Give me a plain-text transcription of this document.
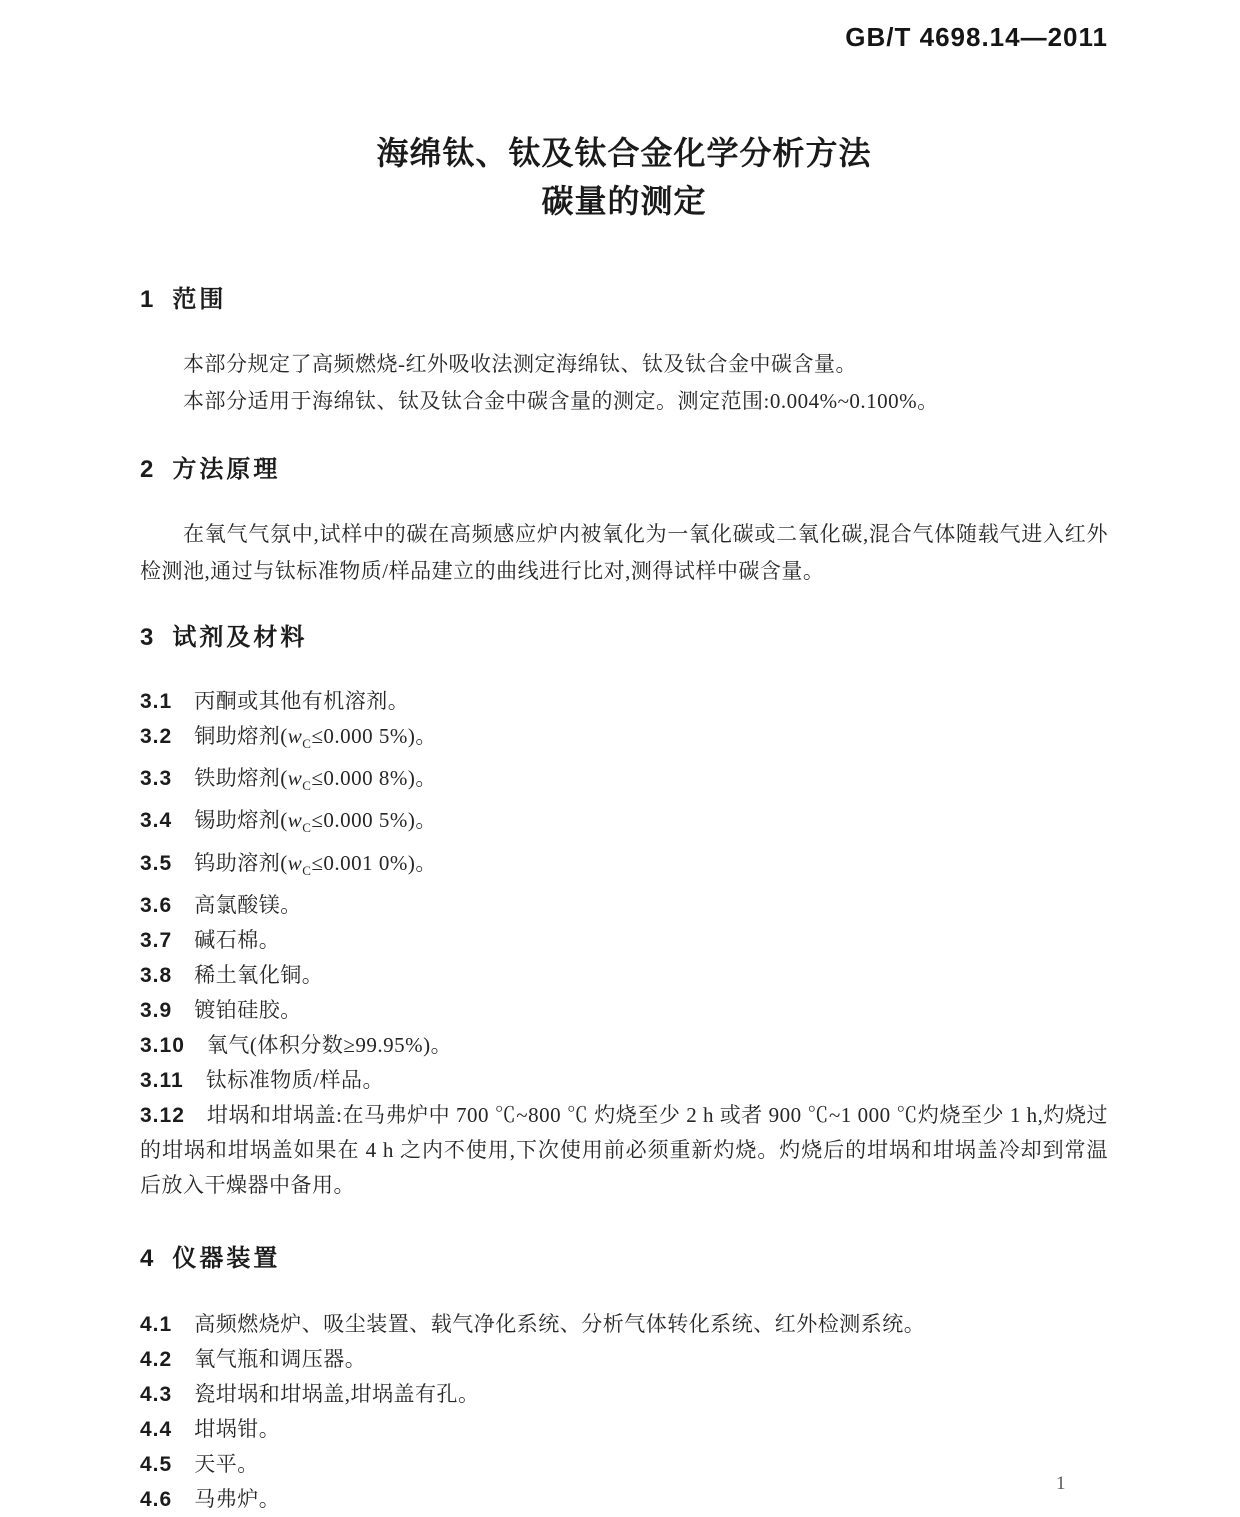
GB/T 4698.14—2011
海绵钛、钛及钛合金化学分析方法
碳量的测定
1 范围

本部分规定了高频燃烧-红外吸收法测定海绵钛、钛及钛合金中碳含量。

本部分适用于海绵钛、钛及钛合金中碳含量的测定。测定范围:0.004%~0.100%。

2 方法原理

在氧气气氛中,试样中的碳在高频感应炉内被氧化为一氧化碳或二氧化碳,混合气体随载气进入红外检测池,通过与钛标准物质/样品建立的曲线进行比对,测得试样中碳含量。

3 试剂及材料

3.1 丙酮或其他有机溶剂。

3.2 铜助熔剂($w_C\le 0.000$ 5%)。

3.3 铁助熔剂($w_C\le 0.000$ 8%)。

3.4 锡助熔剂($w_C\le 0.000$ 5%)。

3.5 钨助溶剂($w_C\le 0.001$ 0%)。

3.6 高氯酸镁。

3.7 碱石棉。

3.8 稀土氧化铜。

3.9 镀铂硅胶。

3.10 氧气(体积分数≥99.95%)。

3.11 钛标准物质/样品。

3.12 坩埚和坩埚盖:在马弗炉中 700 ℃~800 ℃ 灼烧至少 2 h 或者 900 ℃~1 000 ℃灼烧至少 1 h,灼烧过的坩埚和坩埚盖如果在 4 h 之内不使用,下次使用前必须重新灼烧。灼烧后的坩埚和坩埚盖冷却到常温后放入干燥器中备用。

4 仪器装置

4.1 高频燃烧炉、吸尘装置、载气净化系统、分析气体转化系统、红外检测系统。

4.2 氧气瓶和调压器。

4.3 瓷坩埚和坩埚盖,坩埚盖有孔。

4.4 坩埚钳。

4.5 天平。

4.6 马弗炉。

1
